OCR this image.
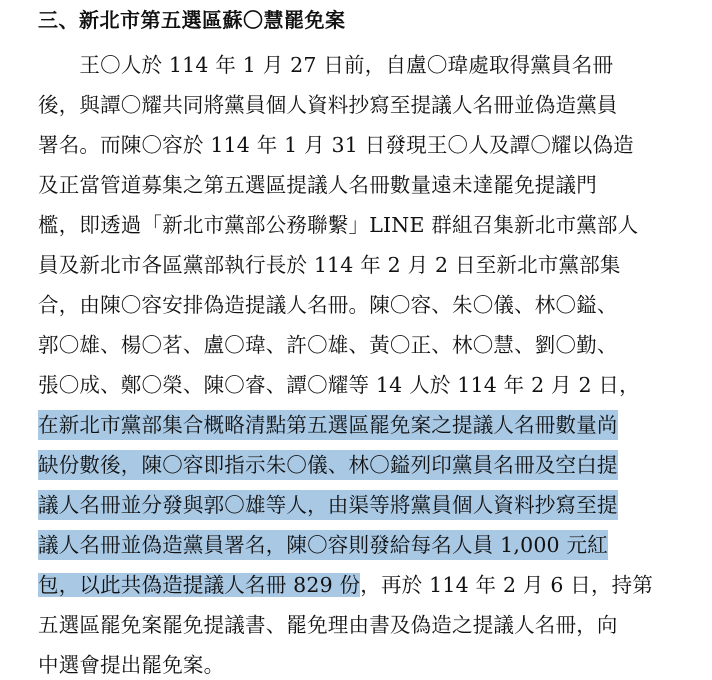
三、新北市第五選區蘇〇慧罷免案
　　王〇人於 114 年 1 月 27 日前，自盧〇瑋處取得黨員名冊
後，與譚〇耀共同將黨員個人資料抄寫至提議人名冊並偽造黨員
署名。而陳〇容於 114 年 1 月 31 日發現王〇人及譚〇耀以偽造
及正當管道募集之第五選區提議人名冊數量遠未達罷免提議門
檻，即透過「新北市黨部公務聯繫」LINE 群組召集新北市黨部人
員及新北市各區黨部執行長於 114 年 2 月 2 日至新北市黨部集
合，由陳〇容安排偽造提議人名冊。陳〇容、朱〇儀、林〇鎰、
郭〇雄、楊〇茗、盧〇瑋、許〇雄、黃〇正、林〇慧、劉〇勤、
張〇成、鄭〇榮、陳〇睿、譚〇耀等 14 人於 114 年 2 月 2 日，
在新北市黨部集合概略清點第五選區罷免案之提議人名冊數量尚
缺份數後，陳〇容即指示朱〇儀、林〇鎰列印黨員名冊及空白提
議人名冊並分發與郭〇雄等人，由渠等將黨員個人資料抄寫至提
議人名冊並偽造黨員署名，陳〇容則發給每名人員 1,000 元紅
包，以此共偽造提議人名冊 829 份，再於 114 年 2 月 6 日，持第
五選區罷免案罷免提議書、罷免理由書及偽造之提議人名冊，向
中選會提出罷免案。
